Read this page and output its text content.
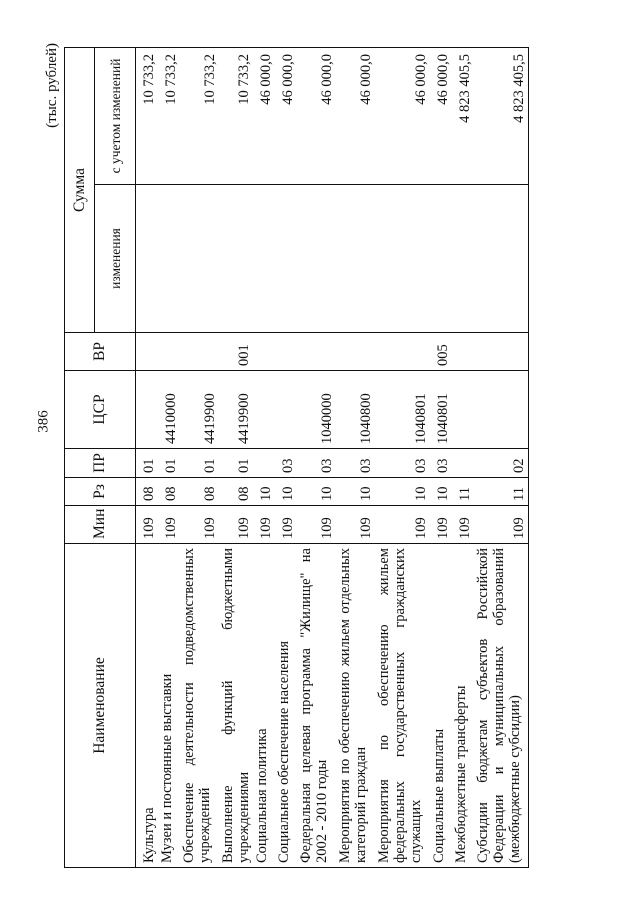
386
(тыс. рублей)
Наименование	Мин	Рз	ПР	ЦСР	ВР	Сумма	
						изменения	с учетом изменений
Культура	109	08	01				10 733,2
Музеи и постоянные выставки	109	08	01	4410000			10 733,2
Обеспечение деятельности подведомственных учреждений	109	08	01	4419900			10 733,2
Выполнение функций бюджетными учреждениями	109	08	01	4419900	001		10 733,2
Социальная политика	109	10					46 000,0
Социальное обеспечение населения	109	10	03				46 000,0
Федеральная целевая программа "Жилище" на 2002 - 2010 годы	109	10	03	1040000			46 000,0
Мероприятия по обеспечению жильем отдельных категорий граждан	109	10	03	1040800			46 000,0
Мероприятия по обеспечению жильем федеральных государственных гражданских служащих	109	10	03	1040801			46 000,0
Социальные выплаты	109	10	03	1040801	005		46 000,0
Межбюджетные трансферты	109	11					4 823 405,5
Субсидии бюджетам субъектов Российской Федерации и муниципальных образований (межбюджетные субсидии)	109	11	02				4 823 405,5
